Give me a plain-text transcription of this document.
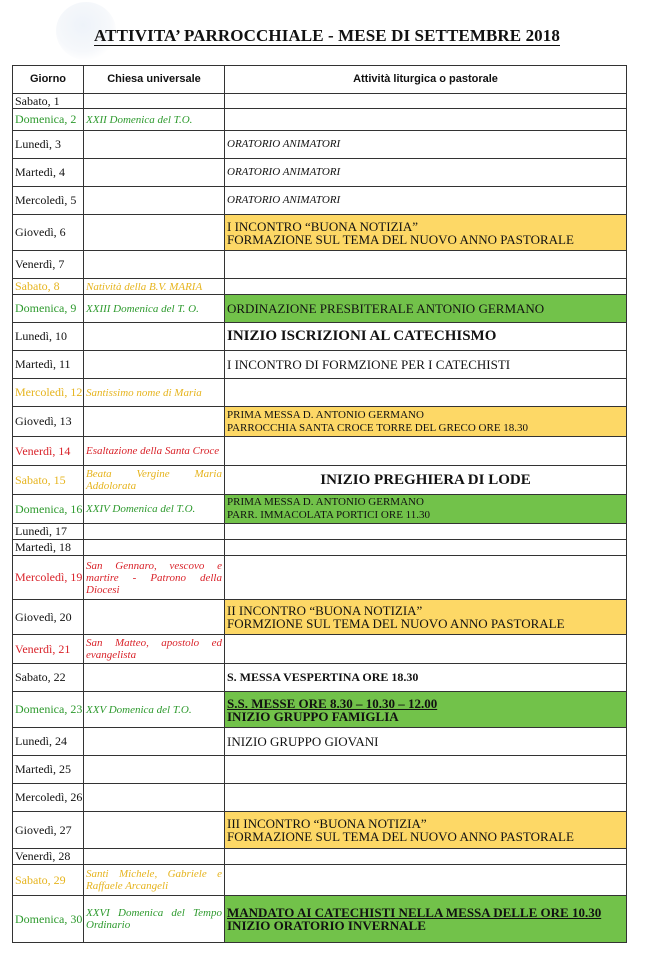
ATTIVITA’ PARROCCHIALE - MESE DI SETTEMBRE 2018
Giorno	Chiesa universale	Attività liturgica o pastorale
Sabato, 1		
Domenica, 2	XXII Domenica del T.O.	
Lunedì, 3		ORATORIO ANIMATORI
Martedì, 4		ORATORIO ANIMATORI
Mercoledì, 5		ORATORIO ANIMATORI
Giovedì, 6		I INCONTRO “BUONA NOTIZIA”
FORMAZIONE SUL TEMA DEL NUOVO ANNO PASTORALE

Venerdì, 7		
Sabato, 8	Natività della B.V. MARIA	
Domenica, 9	XXIII Domenica del T. O.	ORDINAZIONE PRESBITERALE ANTONIO GERMANO
Lunedì, 10		INIZIO ISCRIZIONI AL CATECHISMO
Martedì, 11		I INCONTRO DI FORMZIONE PER I CATECHISTI
Mercoledì, 12	Santissimo nome di Maria	
Giovedì, 13		PRIMA MESSA D. ANTONIO GERMANO
PARROCCHIA SANTA CROCE TORRE DEL GRECO ORE 18.30

Venerdì, 14	Esaltazione della Santa Croce	
Sabato, 15	Beata Vergine Maria Addolorata	INIZIO PREGHIERA DI LODE
Domenica, 16	XXIV Domenica del T.O.	PRIMA MESSA D. ANTONIO GERMANO
PARR. IMMACOLATA PORTICI ORE 11.30

Lunedì, 17		
Martedì, 18		
Mercoledì, 19	San Gennaro, vescovo e martire - Patrono della Diocesi	
Giovedì, 20		II INCONTRO “BUONA NOTIZIA”
FORMZIONE SUL TEMA DEL NUOVO ANNO PASTORALE

Venerdì, 21	San Matteo, apostolo ed evangelista	
Sabato, 22		S. MESSA VESPERTINA ORE 18.30
Domenica, 23	XXV Domenica del T.O.	S.S. MESSE ORE 8.30 – 10.30 – 12.00
INIZIO GRUPPO FAMIGLIA

Lunedì, 24		INIZIO GRUPPO GIOVANI
Martedì, 25		
Mercoledì, 26		
Giovedì, 27		III INCONTRO “BUONA NOTIZIA”
FORMAZIONE SUL TEMA DEL NUOVO ANNO PASTORALE

Venerdì, 28		
Sabato, 29	Santi Michele, Gabriele e Raffaele Arcangeli	
Domenica, 30	XXVI Domenica del Tempo Ordinario	MANDATO AI CATECHISTI NELLA MESSA DELLE ORE 10.30
INIZIO ORATORIO INVERNALE
